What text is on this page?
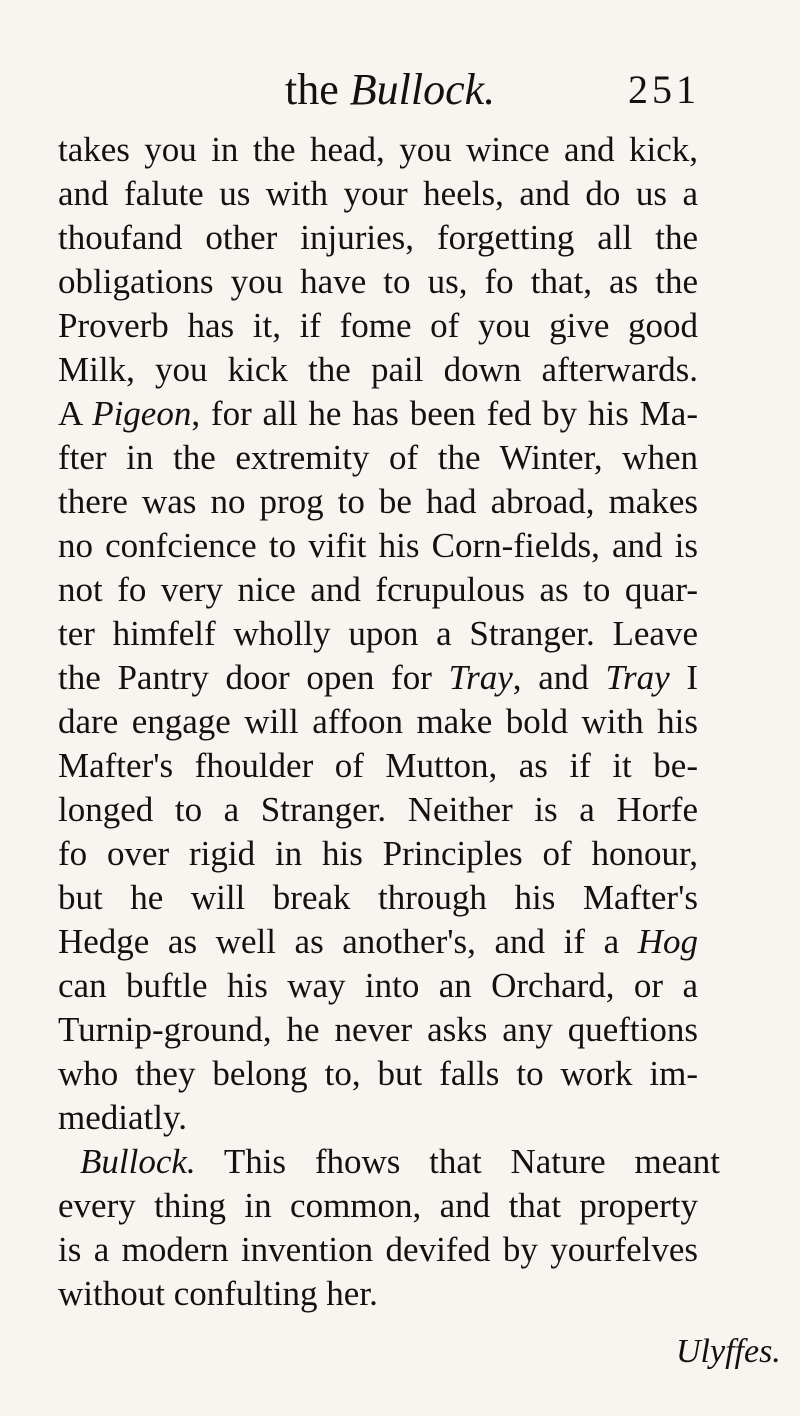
the Bullock.	251
takes you in the head, you wince and kick,
and falute us with your heels, and do us a
thoufand other injuries, forgetting all the
obligations you have to us, fo that, as the
Proverb has it, if fome of you give good
Milk, you kick the pail down afterwards.
A Pigeon, for all he has been fed by his Ma-
fter in the extremity of the Winter, when
there was no prog to be had abroad, makes
no confcience to vifit his Corn-fields, and is
not fo very nice and fcrupulous as to quar-
ter himfelf wholly upon a Stranger. Leave
the Pantry door open for Tray, and Tray I
dare engage will affoon make bold with his
Mafter's fhoulder of Mutton, as if it be-
longed to a Stranger. Neither is a Horfe
fo over rigid in his Principles of honour,
but he will break through his Mafter's
Hedge as well as another's, and if a Hog
can buftle his way into an Orchard, or a
Turnip-ground, he never asks any queftions
who they belong to, but falls to work im-
mediatly.
Bullock. This fhows that Nature meant
every thing in common, and that property
is a modern invention devifed by yourfelves
without confulting her.
Ulyffes.
